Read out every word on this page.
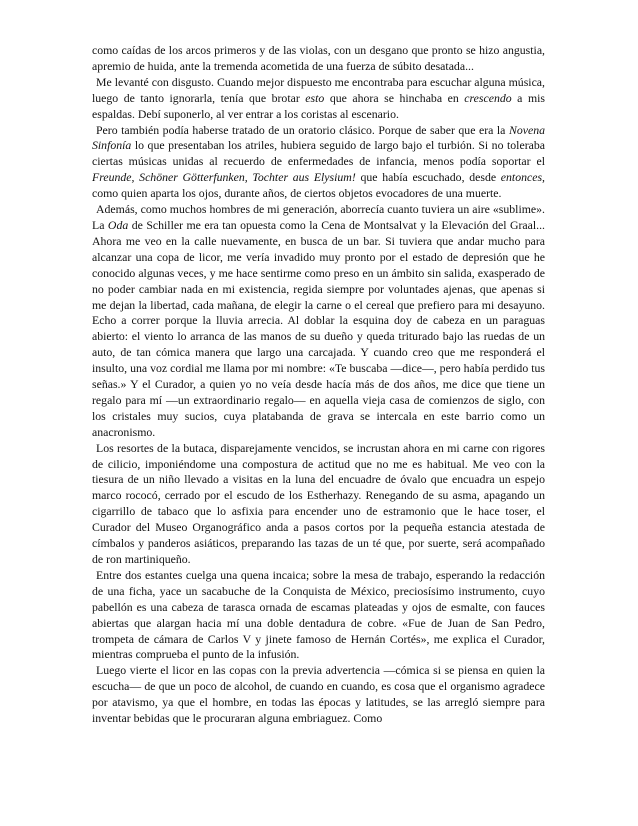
como caídas de los arcos primeros y de las violas, con un desgano que pronto se hizo angustia, apremio de huida, ante la tremenda acometida de una fuerza de súbito desatada...

Me levanté con disgusto. Cuando mejor dispuesto me encontraba para escuchar alguna música, luego de tanto ignorarla, tenía que brotar esto que ahora se hinchaba en crescendo a mis espaldas. Debí suponerlo, al ver entrar a los coristas al escenario.

Pero también podía haberse tratado de un oratorio clásico. Porque de saber que era la Novena Sinfonía lo que presentaban los atriles, hubiera seguido de largo bajo el turbión. Si no toleraba ciertas músicas unidas al recuerdo de enfermedades de infancia, menos podía soportar el Freunde, Schöner Götterfunken, Tochter aus Elysium! que había escuchado, desde entonces, como quien aparta los ojos, durante años, de ciertos objetos evocadores de una muerte.

Además, como muchos hombres de mi generación, aborrecía cuanto tuviera un aire «sublime». La Oda de Schiller me era tan opuesta como la Cena de Montsalvat y la Elevación del Graal... Ahora me veo en la calle nuevamente, en busca de un bar. Si tuviera que andar mucho para alcanzar una copa de licor, me vería invadido muy pronto por el estado de depresión que he conocido algunas veces, y me hace sentirme como preso en un ámbito sin salida, exasperado de no poder cambiar nada en mi existencia, regida siempre por voluntades ajenas, que apenas si me dejan la libertad, cada mañana, de elegir la carne o el cereal que prefiero para mi desayuno. Echo a correr porque la lluvia arrecia. Al doblar la esquina doy de cabeza en un paraguas abierto: el viento lo arranca de las manos de su dueño y queda triturado bajo las ruedas de un auto, de tan cómica manera que largo una carcajada. Y cuando creo que me responderá el insulto, una voz cordial me llama por mi nombre: «Te buscaba —dice—, pero había perdido tus señas.» Y el Curador, a quien yo no veía desde hacía más de dos años, me dice que tiene un regalo para mí —un extraordinario regalo— en aquella vieja casa de comienzos de siglo, con los cristales muy sucios, cuya platabanda de grava se intercala en este barrio como un anacronismo.

Los resortes de la butaca, disparejamente vencidos, se incrustan ahora en mi carne con rigores de cilicio, imponiéndome una compostura de actitud que no me es habitual. Me veo con la tiesura de un niño llevado a visitas en la luna del encuadre de óvalo que encuadra un espejo marco rococó, cerrado por el escudo de los Estherhazy. Renegando de su asma, apagando un cigarrillo de tabaco que lo asfixia para encender uno de estramonio que le hace toser, el Curador del Museo Organográfico anda a pasos cortos por la pequeña estancia atestada de címbalos y panderos asiáticos, preparando las tazas de un té que, por suerte, será acompañado de ron martiniqueño.

Entre dos estantes cuelga una quena incaica; sobre la mesa de trabajo, esperando la redacción de una ficha, yace un sacabuche de la Conquista de México, preciosísimo instrumento, cuyo pabellón es una cabeza de tarasca ornada de escamas plateadas y ojos de esmalte, con fauces abiertas que alargan hacia mí una doble dentadura de cobre. «Fue de Juan de San Pedro, trompeta de cámara de Carlos V y jinete famoso de Hernán Cortés», me explica el Curador, mientras comprueba el punto de la infusión.

Luego vierte el licor en las copas con la previa advertencia —cómica si se piensa en quien la escucha— de que un poco de alcohol, de cuando en cuando, es cosa que el organismo agradece por atavismo, ya que el hombre, en todas las épocas y latitudes, se las arregló siempre para inventar bebidas que le procuraran alguna embriaguez. Como
